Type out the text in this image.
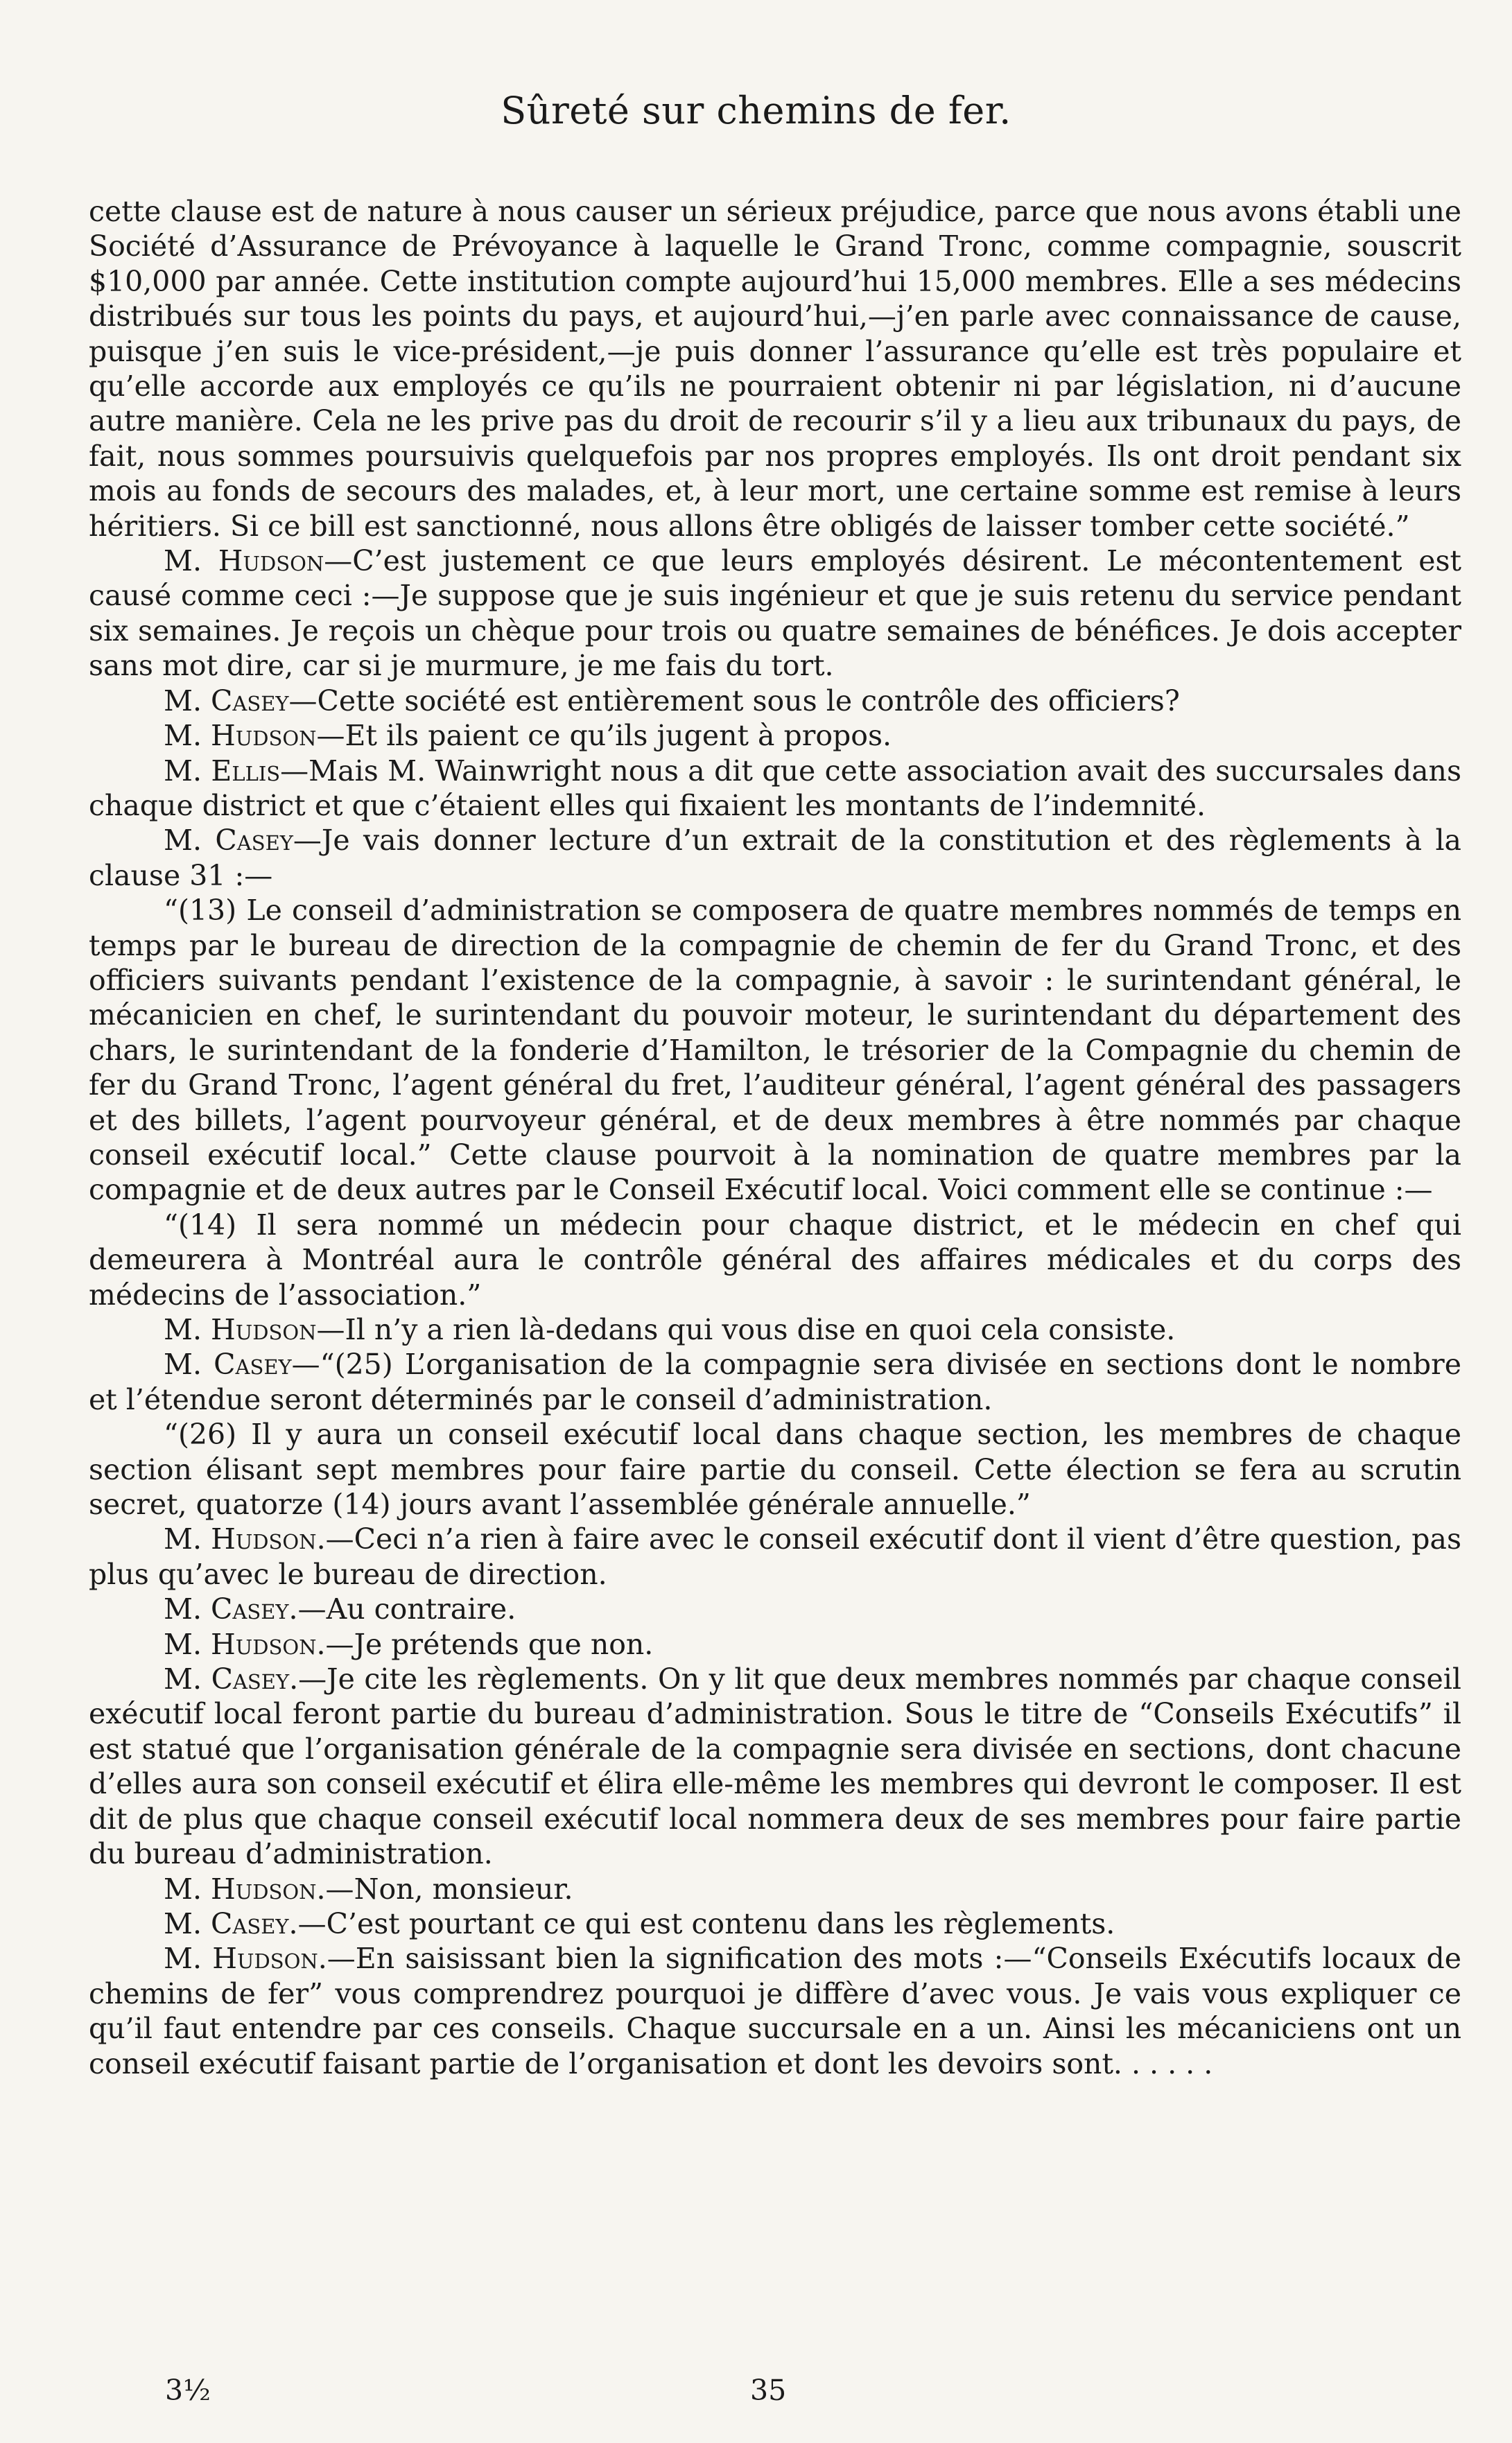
Sûreté sur chemins de fer.

cette clause est de nature à nous causer un sérieux préjudice, parce que nous avons établi une Société d’Assurance de Prévoyance à laquelle le Grand Tronc, comme compagnie, souscrit $10,000 par année. Cette institution compte aujourd’hui 15,000 membres. Elle a ses médecins distribués sur tous les points du pays, et aujourd’hui,—j’en parle avec connaissance de cause, puisque j’en suis le vice-président,—je puis donner l’assurance qu’elle est très populaire et qu’elle accorde aux employés ce qu’ils ne pourraient obtenir ni par législation, ni d’aucune autre manière. Cela ne les prive pas du droit de recourir s’il y a lieu aux tribunaux du pays, de fait, nous sommes poursuivis quelquefois par nos propres employés. Ils ont droit pendant six mois au fonds de secours des malades, et, à leur mort, une certaine somme est remise à leurs héritiers. Si ce bill est sanctionné, nous allons être obligés de laisser tomber cette société.”

M. Hudson—C’est justement ce que leurs employés désirent. Le mécontentement est causé comme ceci :—Je suppose que je suis ingénieur et que je suis retenu du service pendant six semaines. Je reçois un chèque pour trois ou quatre semaines de bénéfices. Je dois accepter sans mot dire, car si je murmure, je me fais du tort.

M. Casey—Cette société est entièrement sous le contrôle des officiers?

M. Hudson—Et ils paient ce qu’ils jugent à propos.

M. Ellis—Mais M. Wainwright nous a dit que cette association avait des succursales dans chaque district et que c’étaient elles qui fixaient les montants de l’indemnité.

M. Casey—Je vais donner lecture d’un extrait de la constitution et des règlements à la clause 31 :—

“(13) Le conseil d’administration se composera de quatre membres nommés de temps en temps par le bureau de direction de la compagnie de chemin de fer du Grand Tronc, et des officiers suivants pendant l’existence de la compagnie, à savoir : le surintendant général, le mécanicien en chef, le surintendant du pouvoir moteur, le surintendant du département des chars, le surintendant de la fonderie d’Hamilton, le trésorier de la Compagnie du chemin de fer du Grand Tronc, l’agent général du fret, l’auditeur général, l’agent général des passagers et des billets, l’agent pourvoyeur général, et de deux membres à être nommés par chaque conseil exécutif local.” Cette clause pourvoit à la nomination de quatre membres par la compagnie et de deux autres par le Conseil Exécutif local. Voici comment elle se continue :—

“(14) Il sera nommé un médecin pour chaque district, et le médecin en chef qui demeurera à Montréal aura le contrôle général des affaires médicales et du corps des médecins de l’association.”

M. Hudson—Il n’y a rien là-dedans qui vous dise en quoi cela consiste.

M. Casey—“(25) L’organisation de la compagnie sera divisée en sections dont le nombre et l’étendue seront déterminés par le conseil d’administration.

“(26) Il y aura un conseil exécutif local dans chaque section, les membres de chaque section élisant sept membres pour faire partie du conseil. Cette élection se fera au scrutin secret, quatorze (14) jours avant l’assemblée générale annuelle.”

M. Hudson.—Ceci n’a rien à faire avec le conseil exécutif dont il vient d’être question, pas plus qu’avec le bureau de direction.

M. Casey.—Au contraire.

M. Hudson.—Je prétends que non.

M. Casey.—Je cite les règlements. On y lit que deux membres nommés par chaque conseil exécutif local feront partie du bureau d’administration. Sous le titre de “Conseils Exécutifs” il est statué que l’organisation générale de la compagnie sera divisée en sections, dont chacune d’elles aura son conseil exécutif et élira elle-même les membres qui devront le composer. Il est dit de plus que chaque conseil exécutif local nommera deux de ses membres pour faire partie du bureau d’administration.

M. Hudson.—Non, monsieur.

M. Casey.—C’est pourtant ce qui est contenu dans les règlements.

M. Hudson.—En saisissant bien la signification des mots :—“Conseils Exécutifs locaux de chemins de fer” vous comprendrez pourquoi je diffère d’avec vous. Je vais vous expliquer ce qu’il faut entendre par ces conseils. Chaque succursale en a un. Ainsi les mécaniciens ont un conseil exécutif faisant partie de l’organisation et dont les devoirs sont. . . . . .

3½	35
